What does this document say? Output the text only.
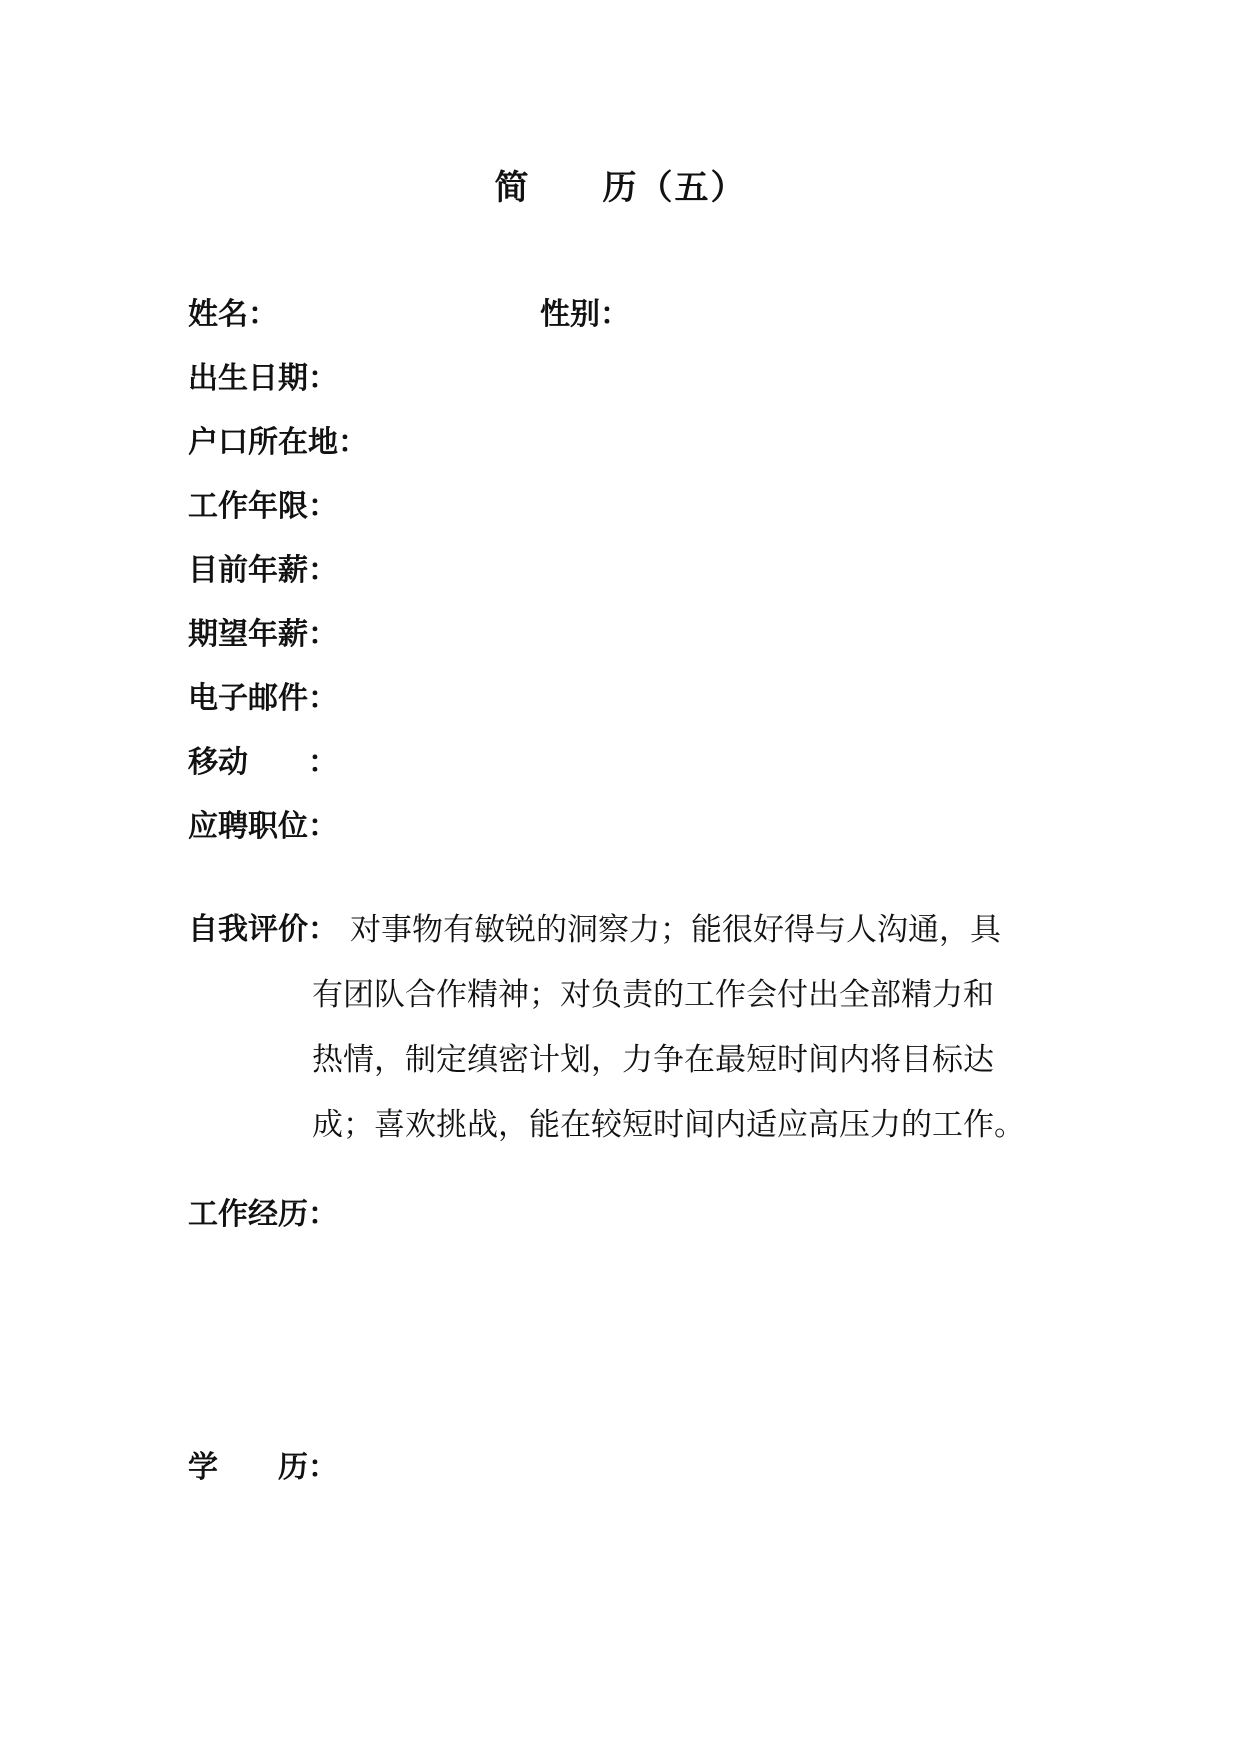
简　　历（五）
姓名：	性别：
出生日期：
户口所在地：
工作年限：
目前年薪：
期望年薪：
电子邮件：
移动　　：
应聘职位：
自我评价： 对事物有敏锐的洞察力；能很好得与人沟通，具
有团队合作精神；对负责的工作会付出全部精力和
热情，制定缜密计划，力争在最短时间内将目标达
成；喜欢挑战，能在较短时间内适应高压力的工作。
工作经历：
学　　历：
